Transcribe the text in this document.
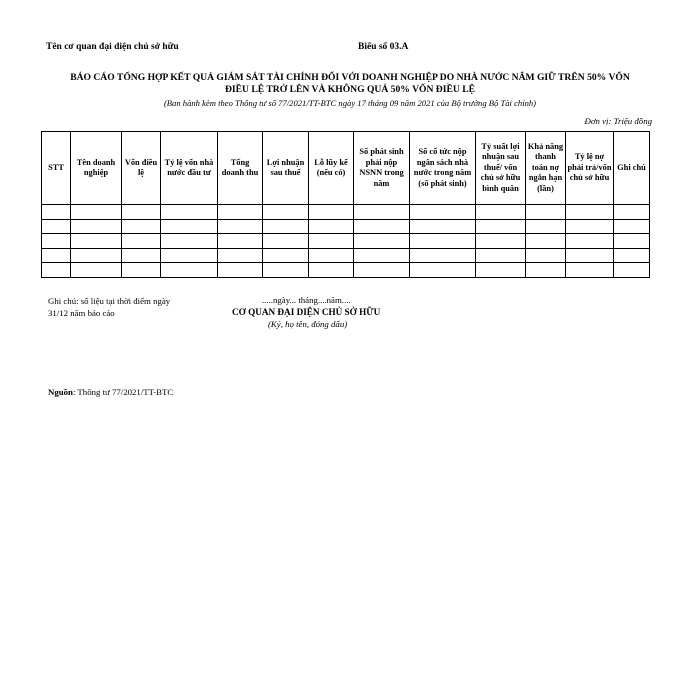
Tên cơ quan đại diện chủ sở hữu	Biểu số 03.A
BÁO CÁO TỔNG HỢP KẾT QUẢ GIÁM SÁT TÀI CHÍNH ĐỐI VỚI DOANH NGHIỆP DO NHÀ NƯỚC NẮM GIỮ TRÊN 50% VỐN
ĐIỀU LỆ TRỞ LÊN VÀ KHÔNG QUÁ 50% VỐN ĐIỀU LỆ
(Ban hành kèm theo Thông tư số 77/2021/TT-BTC ngày 17 tháng 09 năm 2021 của Bộ trưởng Bộ Tài chính)
Đơn vị: Triệu đồng
STT	Tên doanh nghiệp	Vốn điều lệ	Tỷ lệ vốn nhà nước đầu tư	Tổng doanh thu	Lợi nhuận sau thuế	Lỗ lũy kế (nếu có)	Số phát sinh phải nộp NSNN trong năm	Số cổ tức nộp ngân sách nhà nước trong năm (số phát sinh)	Tỷ suất lợi nhuận sau thuế/ vốn chủ sở hữu bình quân	Khả năng thanh toán nợ ngắn hạn (lần)	Tỷ lệ nợ phải trả/vốn chủ sở hữu	Ghi chú

Ghi chú: số liệu tại thời điểm ngày
31/12 năm báo cáo
.....ngày... tháng....năm....
CƠ QUAN ĐẠI DIỆN CHỦ SỞ HỮU
(Ký, họ tên, đóng dấu)
Nguồn: Thông tư 77/2021/TT-BTC
